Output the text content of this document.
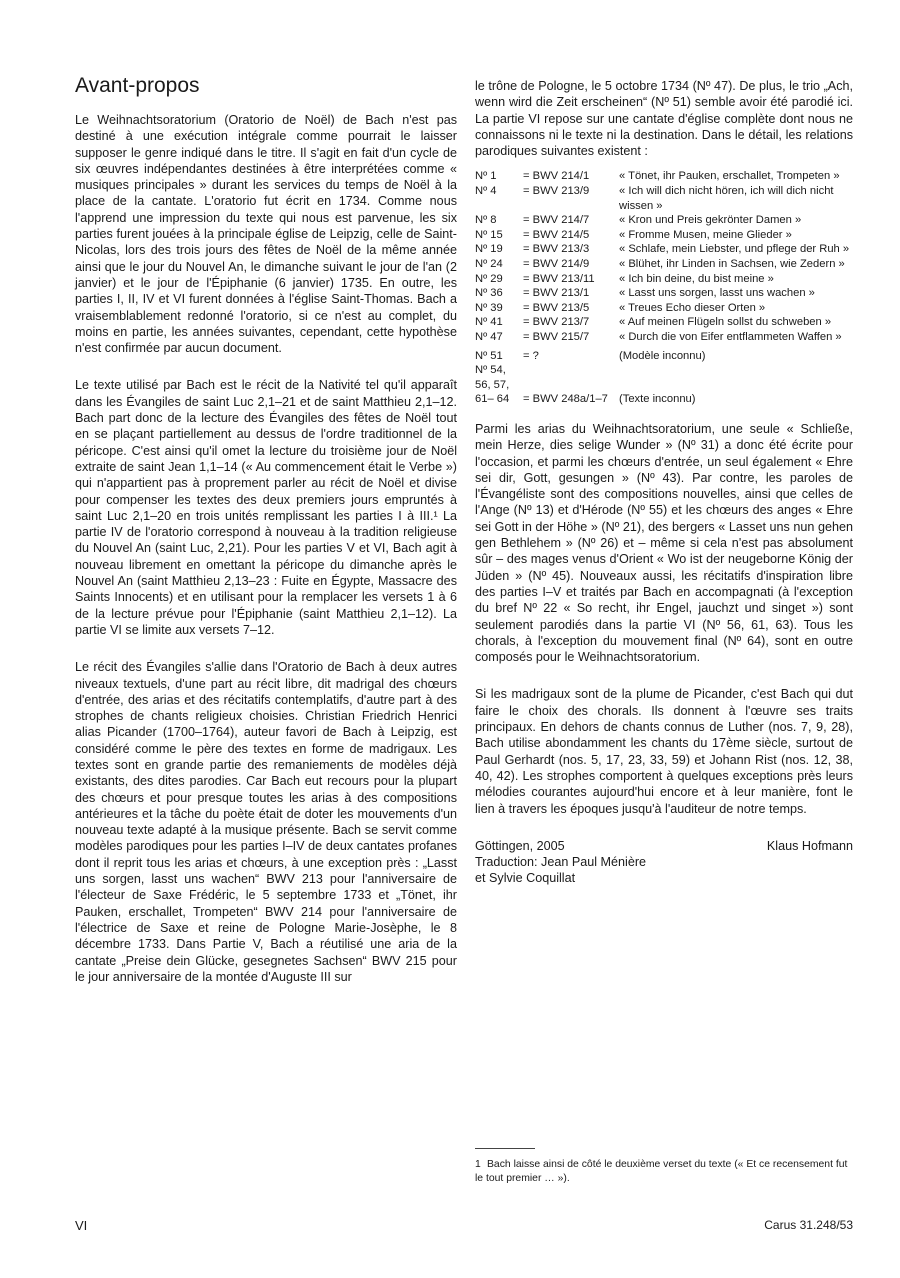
Avant-propos

Le Weihnachtsoratorium (Oratorio de Noël) de Bach n'est pas destiné à une exécution intégrale comme pourrait le laisser supposer le genre indiqué dans le titre. Il s'agit en fait d'un cycle de six œuvres indépendantes destinées à être interprétées comme « musiques principales » durant les services du temps de Noël à la place de la cantate. L'oratorio fut écrit en 1734. Comme nous l'apprend une impression du texte qui nous est parvenue, les six parties furent jouées à la principale église de Leipzig, celle de Saint-Nicolas, lors des trois jours des fêtes de Noël de la même année ainsi que le jour du Nouvel An, le dimanche suivant le jour de l'an (2 janvier) et le jour de l'Épiphanie (6 janvier) 1735. En outre, les parties I, II, IV et VI furent données à l'église Saint-Thomas. Bach a vraisemblablement redonné l'oratorio, si ce n'est au complet, du moins en partie, les années suivantes, cependant, cette hypothèse n'est confirmée par aucun document.

Le texte utilisé par Bach est le récit de la Nativité tel qu'il apparaît dans les Évangiles de saint Luc 2,1–21 et de saint Matthieu 2,1–12. Bach part donc de la lecture des Évangiles des fêtes de Noël tout en se plaçant partiellement au dessus de l'ordre traditionnel de la péricope. C'est ainsi qu'il omet la lecture du troisième jour de Noël extraite de saint Jean 1,1–14 (« Au commencement était le Verbe ») qui n'appartient pas à proprement parler au récit de Noël et divise pour compenser les textes des deux premiers jours empruntés à saint Luc 2,1–20 en trois unités remplissant les parties I à III.¹ La partie IV de l'oratorio correspond à nouveau à la tradition religieuse du Nouvel An (saint Luc, 2,21). Pour les parties V et VI, Bach agit à nouveau librement en omettant la péricope du dimanche après le Nouvel An (saint Matthieu 2,13–23 : Fuite en Égypte, Massacre des Saints Innocents) et en utilisant pour la remplacer les versets 1 à 6 de la lecture prévue pour l'Épiphanie (saint Matthieu 2,1–12). La partie VI se limite aux versets 7–12.

Le récit des Évangiles s'allie dans l'Oratorio de Bach à deux autres niveaux textuels, d'une part au récit libre, dit madrigal des chœurs d'entrée, des arias et des récitatifs contemplatifs, d'autre part à des strophes de chants religieux choisies. Christian Friedrich Henrici alias Picander (1700–1764), auteur favori de Bach à Leipzig, est considéré comme le père des textes en forme de madrigaux. Les textes sont en grande partie des remaniements de modèles déjà existants, des dites parodies. Car Bach eut recours pour la plupart des chœurs et pour presque toutes les arias à des compositions antérieures et la tâche du poète était de doter les mouvements d'un nouveau texte adapté à la musique présente. Bach se servit comme modèles parodiques pour les parties I–IV de deux cantates profanes dont il reprit tous les arias et chœurs, à une exception près : „Lasst uns sorgen, lasst uns wachen“ BWV 213 pour l'anniversaire de l'électeur de Saxe Frédéric, le 5 septembre 1733 et „Tönet, ihr Pauken, erschallet, Trompeten“ BWV 214 pour l'anniversaire de l'électrice de Saxe et reine de Pologne Marie-Josèphe, le 8 décembre 1733. Dans Partie V, Bach a réutilisé une aria de la cantate „Preise dein Glücke, gesegnetes Sachsen“ BWV 215 pour le jour anniversaire de la montée d'Auguste III sur

le trône de Pologne, le 5 octobre 1734 (Nº 47). De plus, le trio „Ach, wenn wird die Zeit erscheinen“ (Nº 51) semble avoir été parodié ici. La partie VI repose sur une cantate d'église complète dont nous ne connaissons ni le texte ni la destination. Dans le détail, les relations parodiques suivantes existent :

Nº 1	= BWV 214/1	« Tönet, ihr Pauken, erschallet, Trompeten »
Nº 4	= BWV 213/9	« Ich will dich nicht hören, ich will dich nicht wissen »
Nº 8	= BWV 214/7	« Kron und Preis gekrönter Damen »
Nº 15	= BWV 214/5	« Fromme Musen, meine Glieder »
Nº 19	= BWV 213/3	« Schlafe, mein Liebster, und pflege der Ruh »
Nº 24	= BWV 214/9	« Blühet, ihr Linden in Sachsen, wie Zedern »
Nº 29	= BWV 213/11	« Ich bin deine, du bist meine »
Nº 36	= BWV 213/1	« Lasst uns sorgen, lasst uns wachen »
Nº 39	= BWV 213/5	« Treues Echo dieser Orten »
Nº 41	= BWV 213/7	« Auf meinen Flügeln sollst du schweben »
Nº 47	= BWV 215/7	« Durch die von Eifer entflammeten Waffen »
Nº 51	= ?	(Modèle inconnu)
Nº 54,
56, 57,
61– 64	= BWV 248a/1–7 (Texte inconnu)

Parmi les arias du Weihnachtsoratorium, une seule « Schließe, mein Herze, dies selige Wunder » (Nº 31) a donc été écrite pour l'occasion, et parmi les chœurs d'entrée, un seul également « Ehre sei dir, Gott, gesungen » (Nº 43). Par contre, les paroles de l'Évangéliste sont des compositions nouvelles, ainsi que celles de l'Ange (Nº 13) et d'Hérode (Nº 55) et les chœurs des anges « Ehre sei Gott in der Höhe » (Nº 21), des bergers « Lasset uns nun gehen gen Bethlehem » (Nº 26) et – même si cela n'est pas absolument sûr – des mages venus d'Orient « Wo ist der neugeborne König der Jüden » (Nº 45). Nouveaux aussi, les récitatifs d'inspiration libre des parties I–V et traités par Bach en accompagnati (à l'exception du bref Nº 22 « So recht, ihr Engel, jauchzt und singet ») sont seulement parodiés dans la partie VI (Nº 56, 61, 63). Tous les chorals, à l'exception du mouvement final (Nº 64), sont en outre composés pour le Weihnachtsoratorium.

Si les madrigaux sont de la plume de Picander, c'est Bach qui dut faire le choix des chorals. Ils donnent à l'œuvre ses traits principaux. En dehors de chants connus de Luther (nos. 7, 9, 28), Bach utilise abondamment les chants du 17ème siècle, surtout de Paul Gerhardt (nos. 5, 17, 23, 33, 59) et Johann Rist (nos. 12, 38, 40, 42). Les strophes comportent à quelques exceptions près leurs mélodies courantes aujourd'hui encore et à leur manière, font le lien à travers les époques jusqu'à l'auditeur de notre temps.

Göttingen, 2005	Klaus Hofmann
Traduction: Jean Paul Ménière
et Sylvie Coquillat
1 Bach laisse ainsi de côté le deuxième verset du texte (« Et ce recensement fut le tout premier … »).
VI	Carus 31.248/53
